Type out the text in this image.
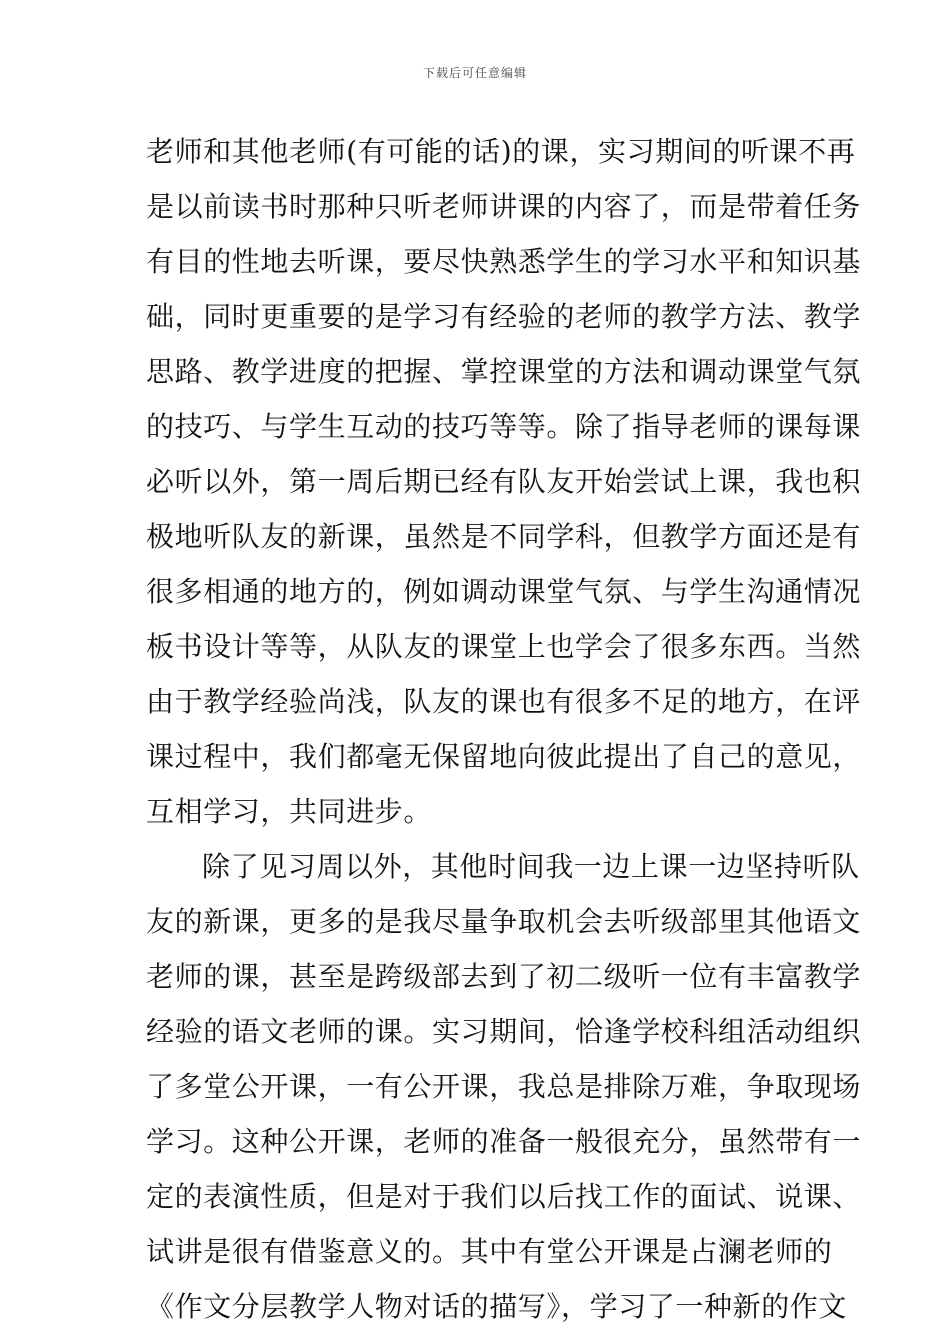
下载后可任意编辑
老师和其他老师(有可能的话)的课，实习期间的听课不再
是以前读书时那种只听老师讲课的内容了，而是带着任务
有目的性地去听课，要尽快熟悉学生的学习水平和知识基
础，同时更重要的是学习有经验的老师的教学方法、教学
思路、教学进度的把握、掌控课堂的方法和调动课堂气氛
的技巧、与学生互动的技巧等等。除了指导老师的课每课
必听以外，第一周后期已经有队友开始尝试上课，我也积
极地听队友的新课，虽然是不同学科，但教学方面还是有
很多相通的地方的，例如调动课堂气氛、与学生沟通情况
板书设计等等，从队友的课堂上也学会了很多东西。当然
由于教学经验尚浅，队友的课也有很多不足的地方，在评
课过程中，我们都毫无保留地向彼此提出了自己的意见，
互相学习，共同进步。
除了见习周以外，其他时间我一边上课一边坚持听队
友的新课，更多的是我尽量争取机会去听级部里其他语文
老师的课，甚至是跨级部去到了初二级听一位有丰富教学
经验的语文老师的课。实习期间，恰逢学校科组活动组织
了多堂公开课，一有公开课，我总是排除万难，争取现场
学习。这种公开课，老师的准备一般很充分，虽然带有一
定的表演性质，但是对于我们以后找工作的面试、说课、
试讲是很有借鉴意义的。其中有堂公开课是占澜老师的
《作文分层教学人物对话的描写》，学习了一种新的作文
